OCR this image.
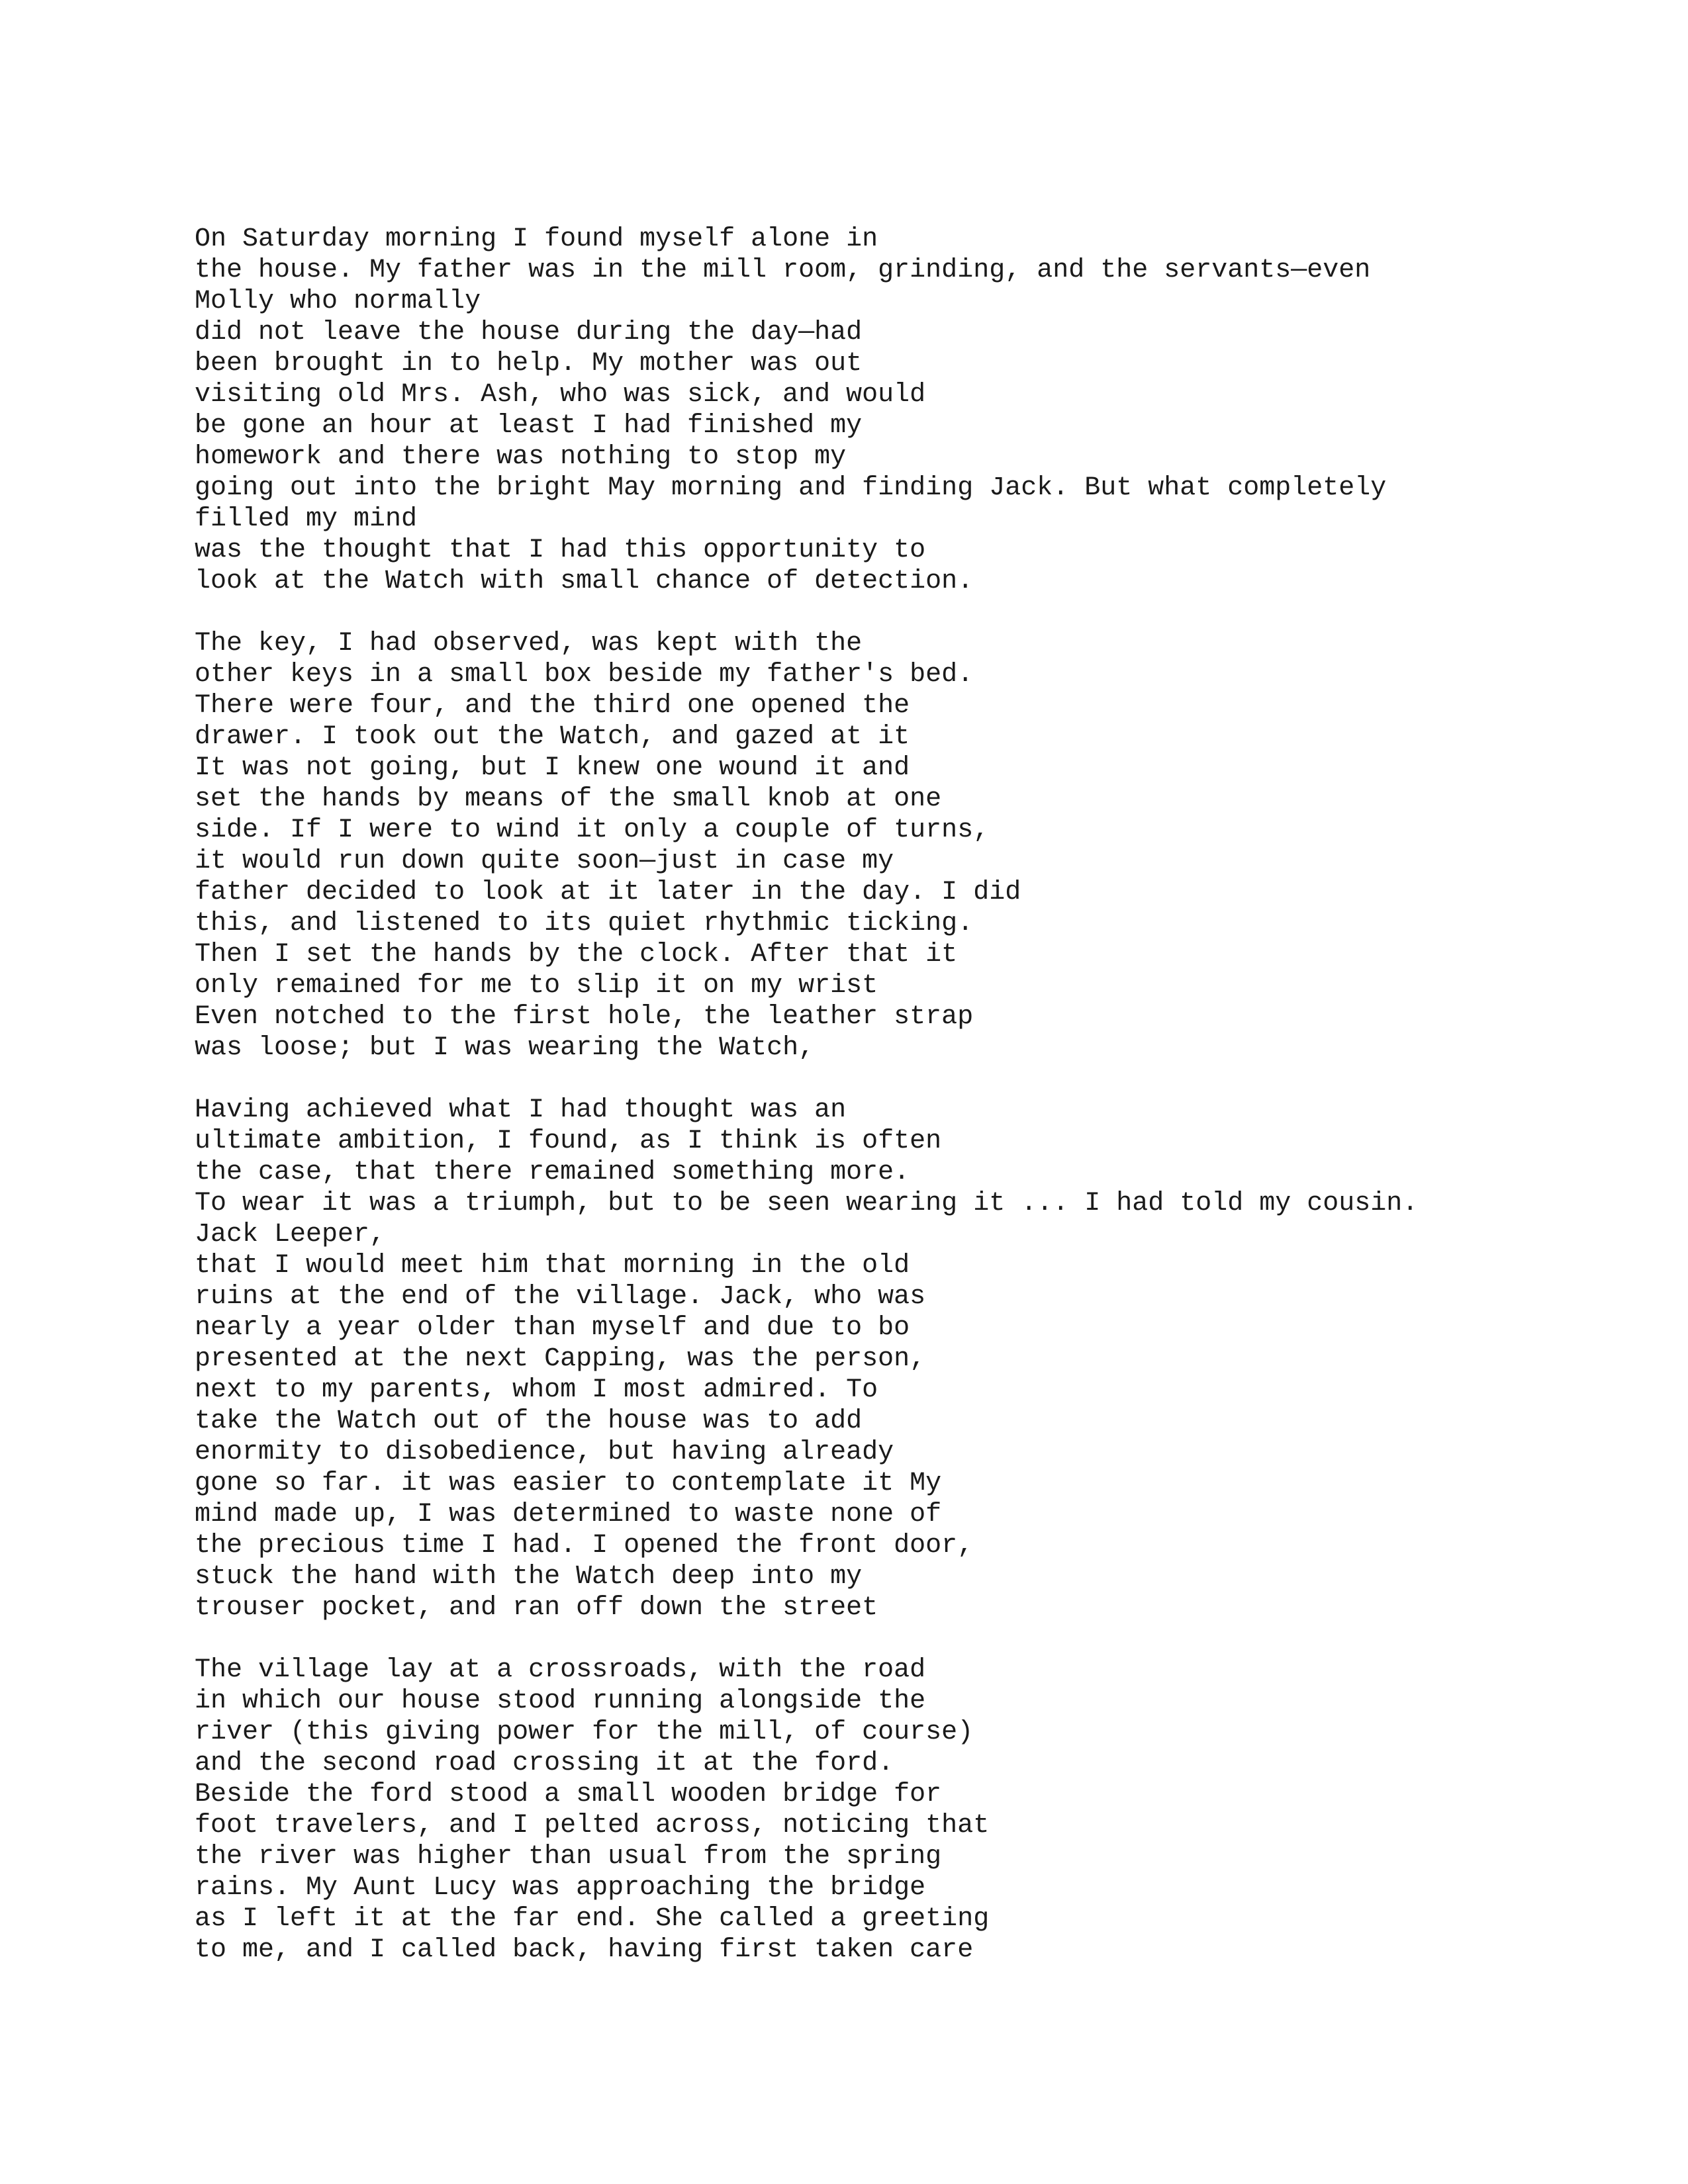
On Saturday morning I found myself alone in
the house. My father was in the mill room, grinding, and the servants—even
Molly who normally
did not leave the house during the day—had
been brought in to help. My mother was out
visiting old Mrs. Ash, who was sick, and would
be gone an hour at least I had finished my
homework and there was nothing to stop my
going out into the bright May morning and finding Jack. But what completely
filled my mind
was the thought that I had this opportunity to
look at the Watch with small chance of detection.
The key, I had observed, was kept with the
other keys in a small box beside my father's bed.
There were four, and the third one opened the
drawer. I took out the Watch, and gazed at it
It was not going, but I knew one wound it and
set the hands by means of the small knob at one
side. If I were to wind it only a couple of turns,
it would run down quite soon—just in case my
father decided to look at it later in the day. I did
this, and listened to its quiet rhythmic ticking.
Then I set the hands by the clock. After that it
only remained for me to slip it on my wrist
Even notched to the first hole, the leather strap
was loose; but I was wearing the Watch,
Having achieved what I had thought was an
ultimate ambition, I found, as I think is often
the case, that there remained something more.
To wear it was a triumph, but to be seen wearing it ... I had told my cousin.
Jack Leeper,
that I would meet him that morning in the old
ruins at the end of the village. Jack, who was
nearly a year older than myself and due to bo
presented at the next Capping, was the person,
next to my parents, whom I most admired. To
take the Watch out of the house was to add
enormity to disobedience, but having already
gone so far. it was easier to contemplate it My
mind made up, I was determined to waste none of
the precious time I had. I opened the front door,
stuck the hand with the Watch deep into my
trouser pocket, and ran off down the street
The village lay at a crossroads, with the road
in which our house stood running alongside the
river (this giving power for the mill, of course)
and the second road crossing it at the ford.
Beside the ford stood a small wooden bridge for
foot travelers, and I pelted across, noticing that
the river was higher than usual from the spring
rains. My Aunt Lucy was approaching the bridge
as I left it at the far end. She called a greeting
to me, and I called back, having first taken care
